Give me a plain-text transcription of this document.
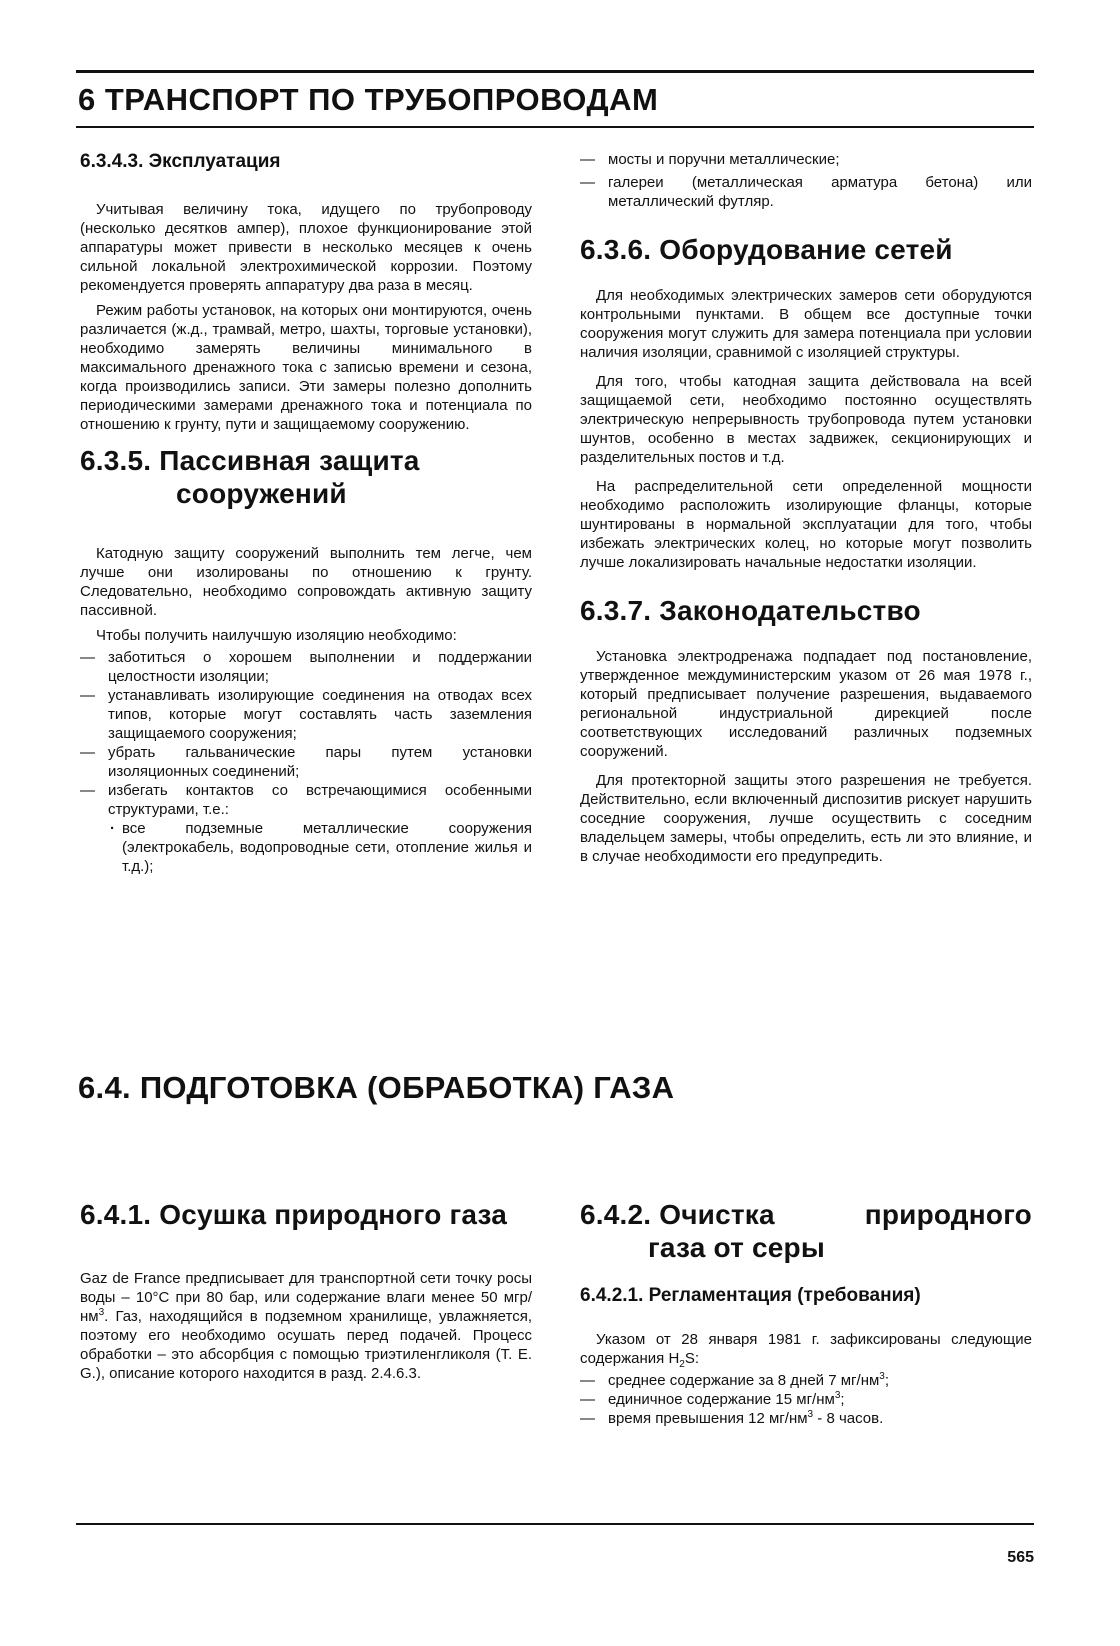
6 ТРАНСПОРТ ПО ТРУБОПРОВОДАМ
6.3.4.3. Эксплуатация

Учитывая величину тока, идущего по трубопроводу (несколько десятков ампер), плохое функционирование этой аппаратуры может привести в несколько месяцев к очень сильной локальной электрохимической коррозии. Поэтому рекомендуется проверять аппаратуру два раза в месяц.

Режим работы установок, на которых они монтируются, очень различается (ж.д., трамвай, метро, шахты, торговые установки), необходимо замерять величины минимального в максимального дренажного тока с записью времени и сезона, когда производились записи. Эти замеры полезно дополнить периодическими замерами дренажного тока и потенциала по отношению к грунту, пути и защищаемому сооружению.

6.3.5. Пассивная защита
сооружений

Катодную защиту сооружений выполнить тем легче, чем лучше они изолированы по отношению к грунту. Следовательно, необходимо сопровождать активную защиту пассивной.

Чтобы получить наилучшую изоляцию необходимо:

— заботиться о хорошем выполнении и поддержании целостности изоляции;
— устанавливать изолирующие соединения на отводах всех типов, которые могут составлять часть заземления защищаемого сооружения;
— убрать гальванические пары путем установки изоляционных соединений;
— избегать контактов со встречающимися особенными структурами, т.е.:
· все подземные металлические сооружения (электрокабель, водопроводные сети, отопление жилья и т.д.);
— мосты и поручни металлические;
— галереи (металлическая арматура бетона) или металлический футляр.
6.3.6. Оборудование сетей

Для необходимых электрических замеров сети оборудуются контрольными пунктами. В общем все доступные точки сооружения могут служить для замера потенциала при условии наличия изоляции, сравнимой с изоляцией структуры.

Для того, чтобы катодная защита действовала на всей защищаемой сети, необходимо постоянно осуществлять электрическую непрерывность трубопровода путем установки шунтов, особенно в местах задвижек, секционирующих и разделительных постов и т.д.

На распределительной сети определенной мощности необходимо расположить изолирующие фланцы, которые шунтированы в нормальной эксплуатации для того, чтобы избежать электрических колец, но которые могут позволить лучше локализировать начальные недостатки изоляции.

6.3.7. Законодательство

Установка электродренажа подпадает под постановление, утвержденное междуминистерским указом от 26 мая 1978 г., который предписывает получение разрешения, выдаваемого региональной индустриальной дирекцией после соответствующих исследований различных подземных сооружений.

Для протекторной защиты этого разрешения не требуется. Действительно, если включенный диспозитив рискует нарушить соседние сооружения, лучше осуществить с соседним владельцем замеры, чтобы определить, есть ли это влияние, и в случае необходимости его предупредить.

6.4. ПОДГОТОВКА (ОБРАБОТКА) ГАЗА
6.4.1. Осушка природного газа

Gaz de France предписывает для транспортной сети точку росы воды – 10°С при 80 бар, или содержание влаги менее 50 мгр/$нм^3$. Газ, находящийся в подземном хранилище, увлажняется, поэтому его необходимо осушать перед подачей. Процесс обработки – это абсорбция с помощью триэтиленгликоля (Т. Е. G.), описание которого находится в разд. 2.4.6.3.

6.4.2. Очистка	природного
газа от серы
6.4.2.1. Регламентация (требования)

Указом от 28 января 1981 г. зафиксированы следующие содержания $H_2S$:

— среднее содержание за 8 дней 7 $мг/нм^3$;
— единичное содержание 15 $мг/нм^3$;
— время превышения 12 $мг/нм^3 - 8$ часов.

565
